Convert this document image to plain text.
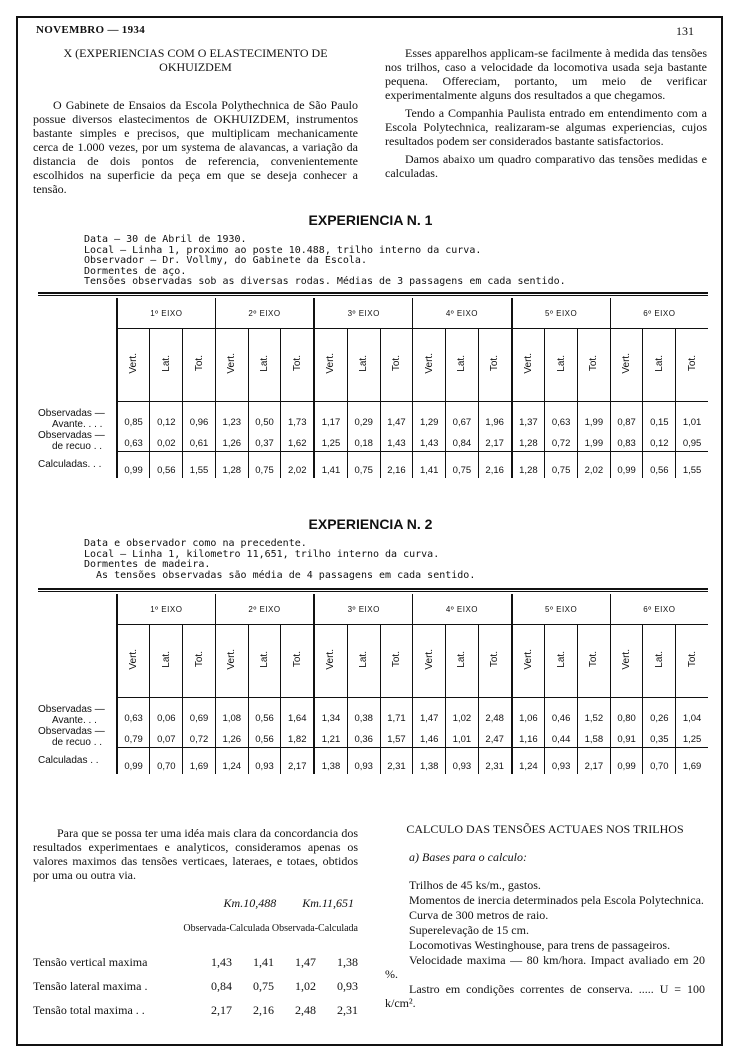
NOVEMBRO — 1934	131
X (EXPERIENCIAS COM O ELASTECIMENTO DE OKHUIZDEM

O Gabinete de Ensaios da Escola Polythechnica de São Paulo possue diversos elastecimentos de OKHUIZDEM, instrumentos bastante simples e precisos, que multiplicam mechanicamente cerca de 1.000 vezes, por um systema de alavancas, a variação da distancia de dois pontos de referencia, convenientemente escolhidos na superficie da peça em que se deseja conhecer a tensão.

Esses apparelhos applicam-se facilmente à medida das tensões nos trilhos, caso a velocidade da locomotiva usada seja bastante pequena. Offereciam, portanto, um meio de verificar experimentalmente alguns dos resultados a que chegamos.

Tendo a Companhia Paulista entrado em entendimento com a Escola Polytechnica, realizaram-se algumas experiencias, cujos resultados podem ser considerados bastante satisfactorios.

Damos abaixo um quadro comparativo das tensões medidas e calculadas.

EXPERIENCIA N. 1
Data — 30 de Abril de 1930.
Local — Linha 1, proximo ao poste 10.488, trilho interno da curva.
Observador — Dr. Vollmy, do Gabinete da Escola.
Dormentes de aço.
Tensões observadas sob as diversas rodas. Médias de 3 passagens em cada sentido.
	1º EIXO			2º EIXO			3º EIXO			4º EIXO			5º EIXO			6º EIXO		
	Vert.	Lat.	Tot.	Vert.	Lat.	Tot.	Vert.	Lat.	Tot.	Vert.	Lat.	Tot.	Vert.	Lat.	Tot.	Vert.	Lat.	Tot.

Observadas —
Avante. . . .	0,85	0,12	0,96	1,23	0,50	1,73	1,17	0,29	1,47	1,29	0,67	1,96	1,37	0,63	1,99	0,87	0,15	1,01

Observadas —
de recuo . .	0,63	0,02	0,61	1,26	0,37	1,62	1,25	0,18	1,43	1,43	0,84	2,17	1,28	0,72	1,99	0,83	0,12	0,95

Calculadas. . .	0,99	0,56	1,55	1,28	0,75	2,02	1,41	0,75	2,16	1,41	0,75	2,16	1,28	0,75	2,02	0,99	0,56	1,55
EXPERIENCIA N. 2
Data e observador como na precedente.
Local — Linha 1, kilometro 11,651, trilho interno da curva.
Dormentes de madeira.
As tensões observadas são média de 4 passagens em cada sentido.
	1º EIXO			2º EIXO			3º EIXO			4º EIXO			5º EIXO			6º EIXO		
	Vert.	Lat.	Tot.	Vert.	Lat.	Tot.	Vert.	Lat.	Tot.	Vert.	Lat.	Tot.	Vert.	Lat.	Tot.	Vert.	Lat.	Tot.

Observadas —
Avante. . .	0,63	0,06	0,69	1,08	0,56	1,64	1,34	0,38	1,71	1,47	1,02	2,48	1,06	0,46	1,52	0,80	0,26	1,04

Observadas —
de recuo . .	0,79	0,07	0,72	1,26	0,56	1,82	1,21	0,36	1,57	1,46	1,01	2,47	1,16	0,44	1,58	0,91	0,35	1,25

Calculadas . .	0,99	0,70	1,69	1,24	0,93	2,17	1,38	0,93	2,31	1,38	0,93	2,31	1,24	0,93	2,17	0,99	0,70	1,69

Para que se possa ter uma idéa mais clara da concordancia dos resultados experimentaes e analyticos, consideramos apenas os valores maximos das tensões verticaes, lateraes, e totaes, obtidos por uma ou outra via.

Km.10,488 Km.11,651
Observada-Calculada Observada-Calculada
Tensão vertical maxima	1,43	1,41	1,47	1,38
Tensão lateral maxima .	0,84	0,75	1,02	0,93
Tensão total maxima . .	2,17	2,16	2,48	2,31
CALCULO DAS TENSÕES ACTUAES NOS TRILHOS
a) Bases para o calculo:
Trilhos de 45 ks/m., gastos.
Momentos de inercia determinados pela Escola Polytechnica.
Curva de 300 metros de raio.
Superelevação de 15 cm.
Locomotivas Westinghouse, para trens de passageiros.
Velocidade maxima — 80 km/hora. Impact avaliado em 20 %.
Lastro em condições correntes de conserva. ..... U = 100 k/cm².
